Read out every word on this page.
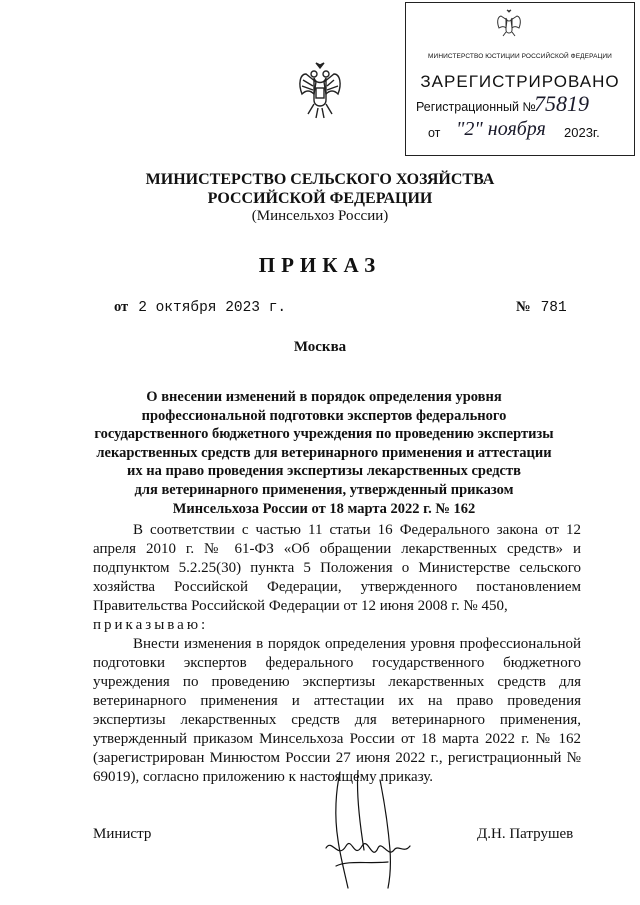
МИНИСТЕРСТВО ЮСТИЦИИ РОССИЙСКОЙ ФЕДЕРАЦИИ
ЗАРЕГИСТРИРОВАНО
Регистрационный №
75819
от "2" ноября 2023г.
МИНИСТЕРСТВО СЕЛЬСКОГО ХОЗЯЙСТВА
РОССИЙСКОЙ ФЕДЕРАЦИИ
(Минсельхоз России)
ПРИКАЗ
от 2 октября 2023 г.	№ 781
Москва
О внесении изменений в порядок определения уровня
профессиональной подготовки экспертов федерального
государственного бюджетного учреждения по проведению экспертизы
лекарственных средств для ветеринарного применения и аттестации
их на право проведения экспертизы лекарственных средств
для ветеринарного применения, утвержденный приказом
Минсельхоза России от 18 марта 2022 г. № 162

В соответствии с частью 11 статьи 16 Федерального закона от 12 апреля 2010 г. № 61-ФЗ «Об обращении лекарственных средств» и подпунктом 5.2.25(30) пункта 5 Положения о Министерстве сельского хозяйства Российской Федерации, утвержденного постановлением Правительства Российской Федерации от 12 июня 2008 г. № 450,
приказываю:

Внести изменения в порядок определения уровня профессиональной подготовки экспертов федерального государственного бюджетного учреждения по проведению экспертизы лекарственных средств для ветеринарного применения и аттестации их на право проведения экспертизы лекарственных средств для ветеринарного применения, утвержденный приказом Минсельхоза России от 18 марта 2022 г. № 162 (зарегистрирован Минюстом России 27 июня 2022 г., регистрационный № 69019), согласно приложению к настоящему приказу.

Министр	Д.Н. Патрушев
